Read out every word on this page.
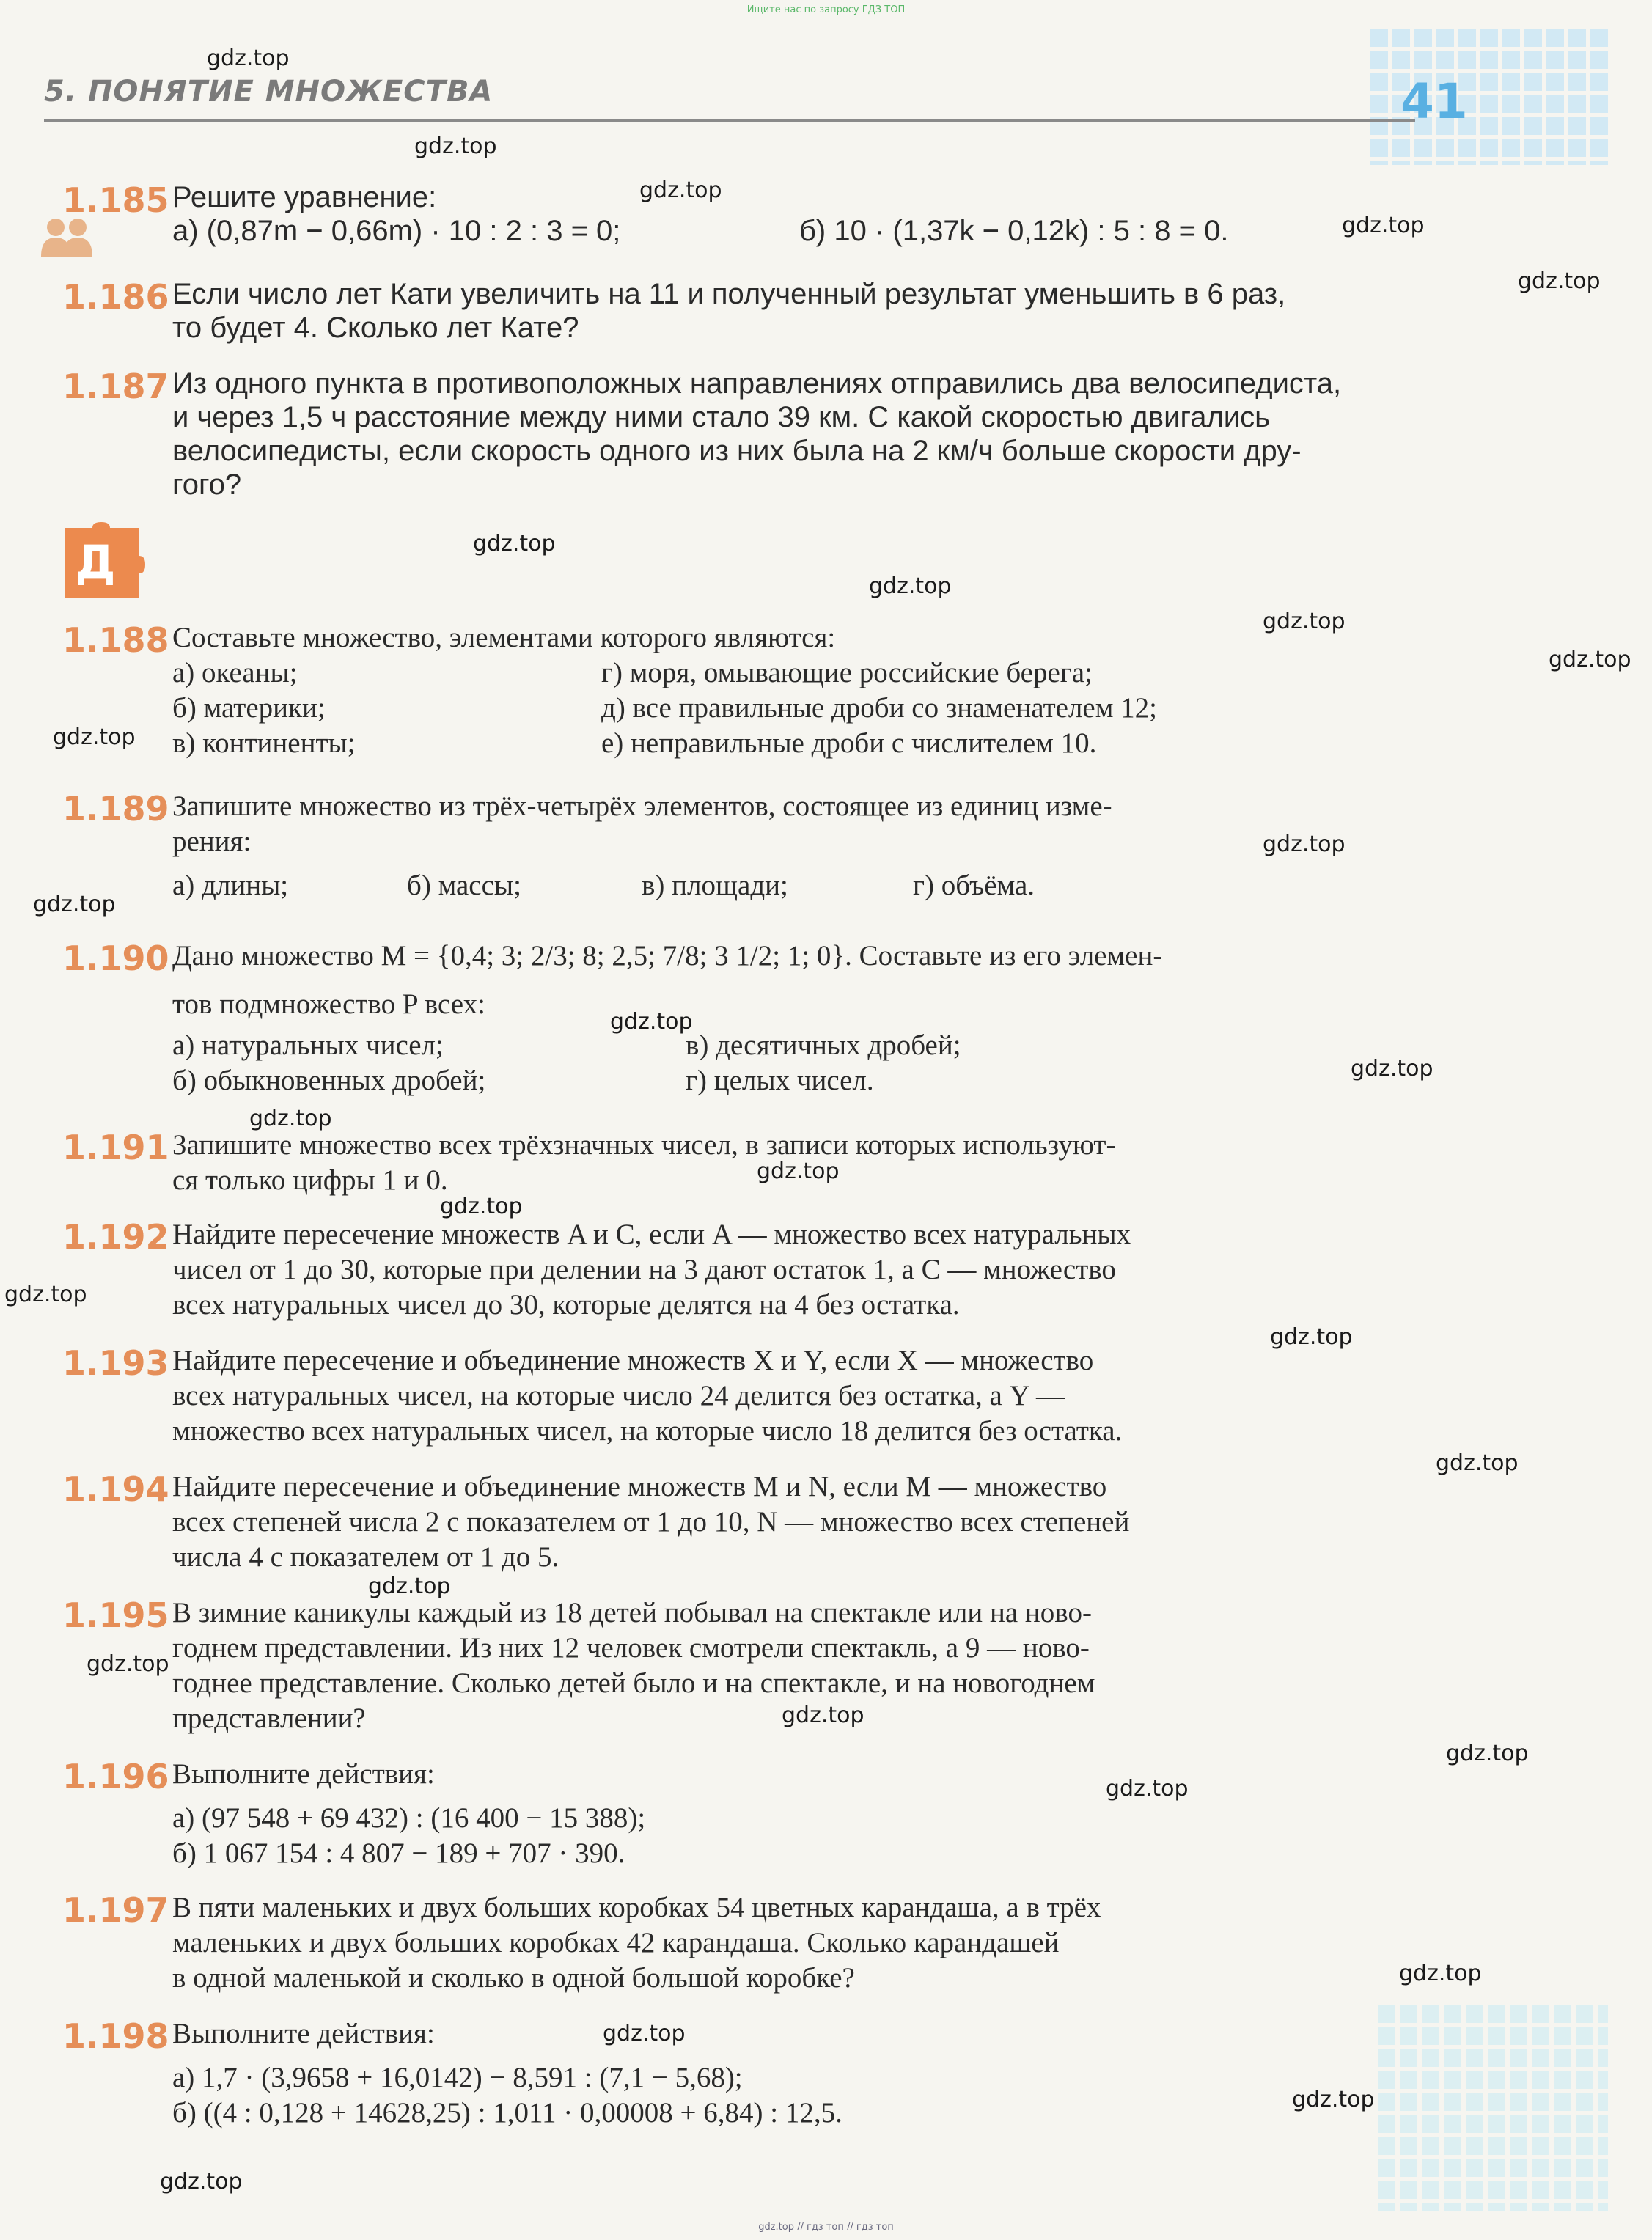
Ищите нас по запросу ГДЗ ТОП
5. ПОНЯТИЕ МНОЖЕСТВА	41
Д
1.185 Решите уравнение:
а) (0,87m − 0,66m) · 10 : 2 : 3 = 0;	б) 10 · (1,37k − 0,12k) : 5 : 8 = 0.
1.186 Если число лет Кати увеличить на 11 и полученный результат уменьшить в 6 раз,
то будет 4. Сколько лет Кате?
1.187 Из одного пункта в противоположных направлениях отправились два велосипедиста,
и через 1,5 ч расстояние между ними стало 39 км. С какой скоростью двигались
велосипедисты, если скорость одного из них была на 2 км/ч больше скорости дру-
гого?
1.188 Составьте множество, элементами которого являются:
а) океаны;	г) моря, омывающие российские берега;
б) материки;	д) все правильные дроби со знаменателем 12;
в) континенты;	е) неправильные дроби с числителем 10.
1.189 Запишите множество из трёх-четырёх элементов, состоящее из единиц изме-
рения:
а) длины;	б) массы;	в) площади;	г) объёма.
1.190 Дано множество M = {0,4; 3; 2/3; 8; 2,5; 7/8; 3 1/2; 1; 0}. Составьте из его элемен-
тов подмножество P всех:
а) натуральных чисел;	в) десятичных дробей;
б) обыкновенных дробей;	г) целых чисел.
1.191 Запишите множество всех трёхзначных чисел, в записи которых используют-
ся только цифры 1 и 0.
1.192 Найдите пересечение множеств A и C, если A — множество всех натуральных
чисел от 1 до 30, которые при делении на 3 дают остаток 1, а C — множество
всех натуральных чисел до 30, которые делятся на 4 без остатка.
1.193 Найдите пересечение и объединение множеств X и Y, если X — множество
всех натуральных чисел, на которые число 24 делится без остатка, а Y —
множество всех натуральных чисел, на которые число 18 делится без остатка.
1.194 Найдите пересечение и объединение множеств M и N, если M — множество
всех степеней числа 2 с показателем от 1 до 10, N — множество всех степеней
числа 4 с показателем от 1 до 5.
1.195 В зимние каникулы каждый из 18 детей побывал на спектакле или на ново-
годнем представлении. Из них 12 человек смотрели спектакль, а 9 — ново-
годнее представление. Сколько детей было и на спектакле, и на новогоднем
представлении?
1.196 Выполните действия:
а) (97 548 + 69 432) : (16 400 − 15 388);
б) 1 067 154 : 4 807 − 189 + 707 · 390.
1.197 В пяти маленьких и двух больших коробках 54 цветных карандаша, а в трёх
маленьких и двух больших коробках 42 карандаша. Сколько карандашей
в одной маленькой и сколько в одной большой коробке?
1.198 Выполните действия:
а) 1,7 · (3,9658 + 16,0142) − 8,591 : (7,1 − 5,68);
б) ((4 : 0,128 + 14628,25) : 1,011 · 0,00008 + 6,84) : 12,5.
gdz.top
gdz.top
gdz.top
gdz.top
gdz.top
gdz.top
gdz.top
gdz.top
gdz.top
gdz.top
gdz.top
gdz.top
gdz.top
gdz.top
gdz.top
gdz.top
gdz.top
gdz.top
gdz.top
gdz.top
gdz.top
gdz.top
gdz.top
gdz.top
gdz.top
gdz.top
gdz.top
gdz.top
gdz.top
gdz.top // гдз топ // гдз топ
